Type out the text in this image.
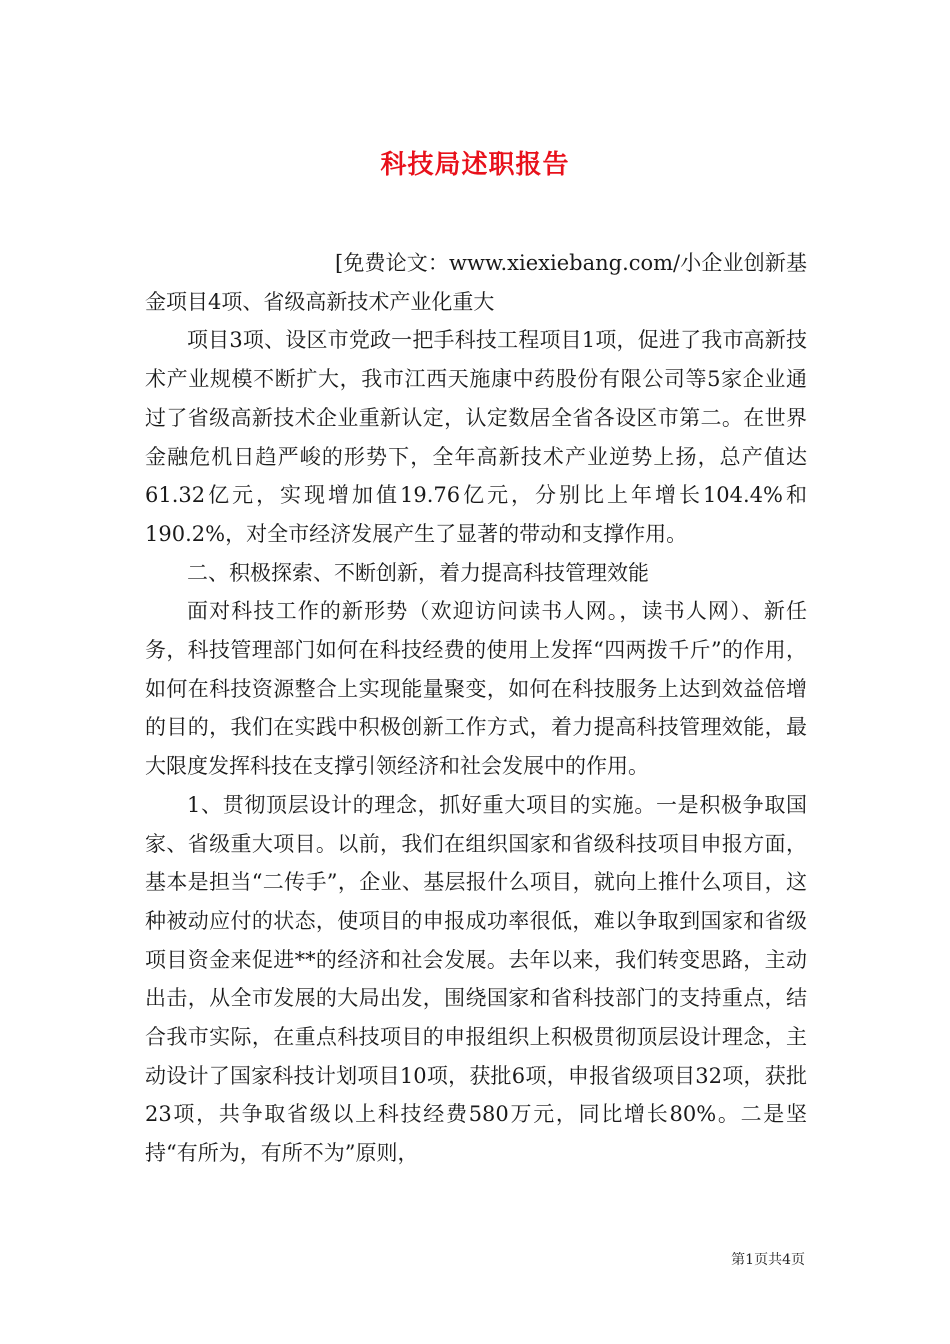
科技局述职报告

[免费论文：www.xiexiebang.com/小企业创新基金项目4项、省级高新技术产业化重大

项目3项、设区市党政一把手科技工程项目1项，促进了我市高新技术产业规模不断扩大，我市江西天施康中药股份有限公司等5家企业通过了省级高新技术企业重新认定，认定数居全省各设区市第二。在世界金融危机日趋严峻的形势下，全年高新技术产业逆势上扬，总产值达61.32亿元，实现增加值19.76亿元，分别比上年增长104.4%和190.2%，对全市经济发展产生了显著的带动和支撑作用。

二、积极探索、不断创新，着力提高科技管理效能

面对科技工作的新形势（欢迎访问读书人网。，读书人网）、新任务，科技管理部门如何在科技经费的使用上发挥“四两拨千斤”的作用，如何在科技资源整合上实现能量聚变，如何在科技服务上达到效益倍增的目的，我们在实践中积极创新工作方式，着力提高科技管理效能，最大限度发挥科技在支撑引领经济和社会发展中的作用。

1、贯彻顶层设计的理念，抓好重大项目的实施。一是积极争取国家、省级重大项目。以前，我们在组织国家和省级科技项目申报方面，基本是担当“二传手”，企业、基层报什么项目，就向上推什么项目，这种被动应付的状态，使项目的申报成功率很低，难以争取到国家和省级项目资金来促进**的经济和社会发展。去年以来，我们转变思路，主动出击，从全市发展的大局出发，围绕国家和省科技部门的支持重点，结合我市实际，在重点科技项目的申报组织上积极贯彻顶层设计理念，主动设计了国家科技计划项目10项，获批6项，申报省级项目32项，获批23项，共争取省级以上科技经费580万元，同比增长80%。二是坚持“有所为，有所不为”原则，

第1页共4页
